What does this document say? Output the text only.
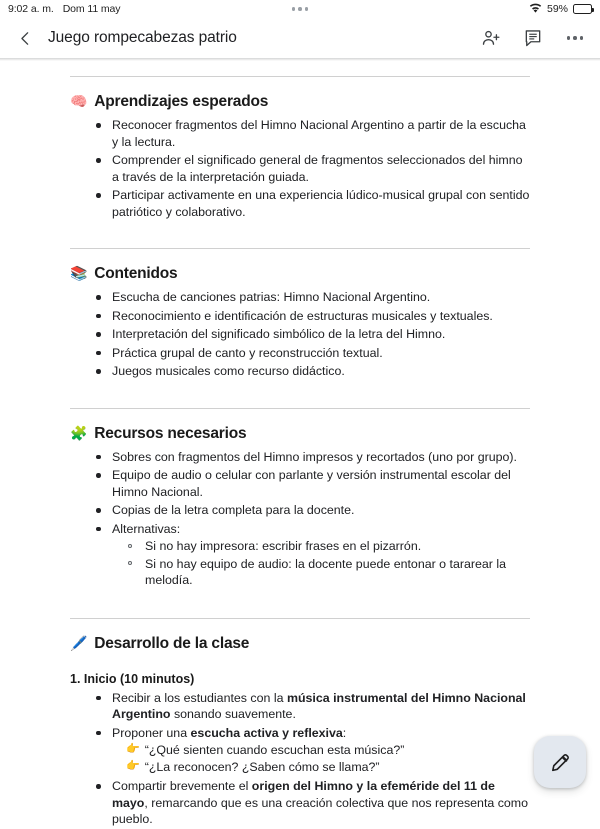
9:02 a. m. Dom 11 may	59%
Juego rompecabezas patrio
🧠 Aprendizajes esperados
Reconocer fragmentos del Himno Nacional Argentino a partir de la escucha y la lectura.
Comprender el significado general de fragmentos seleccionados del himno a través de la interpretación guiada.
Participar activamente en una experiencia lúdico-musical grupal con sentido patriótico y colaborativo.
📚 Contenidos
Escucha de canciones patrias: Himno Nacional Argentino.
Reconocimiento e identificación de estructuras musicales y textuales.
Interpretación del significado simbólico de la letra del Himno.
Práctica grupal de canto y reconstrucción textual.
Juegos musicales como recurso didáctico.
🧩 Recursos necesarios
Sobres con fragmentos del Himno impresos y recortados (uno por grupo).
Equipo de audio o celular con parlante y versión instrumental escolar del Himno Nacional.
Copias de la letra completa para la docente.
Alternativas:
Si no hay impresora: escribir frases en el pizarrón.
Si no hay equipo de audio: la docente puede entonar o tararear la melodía.
🖊️ Desarrollo de la clase
1. Inicio (10 minutos)
Recibir a los estudiantes con la música instrumental del Himno Nacional Argentino sonando suavemente.
Proponer una escucha activa y reflexiva:
👉 “¿Qué sienten cuando escuchan esta música?”
👉 “¿La reconocen? ¿Saben cómo se llama?”
Compartir brevemente el origen del Himno y la efeméride del 11 de mayo, remarcando que es una creación colectiva que nos representa como pueblo.
